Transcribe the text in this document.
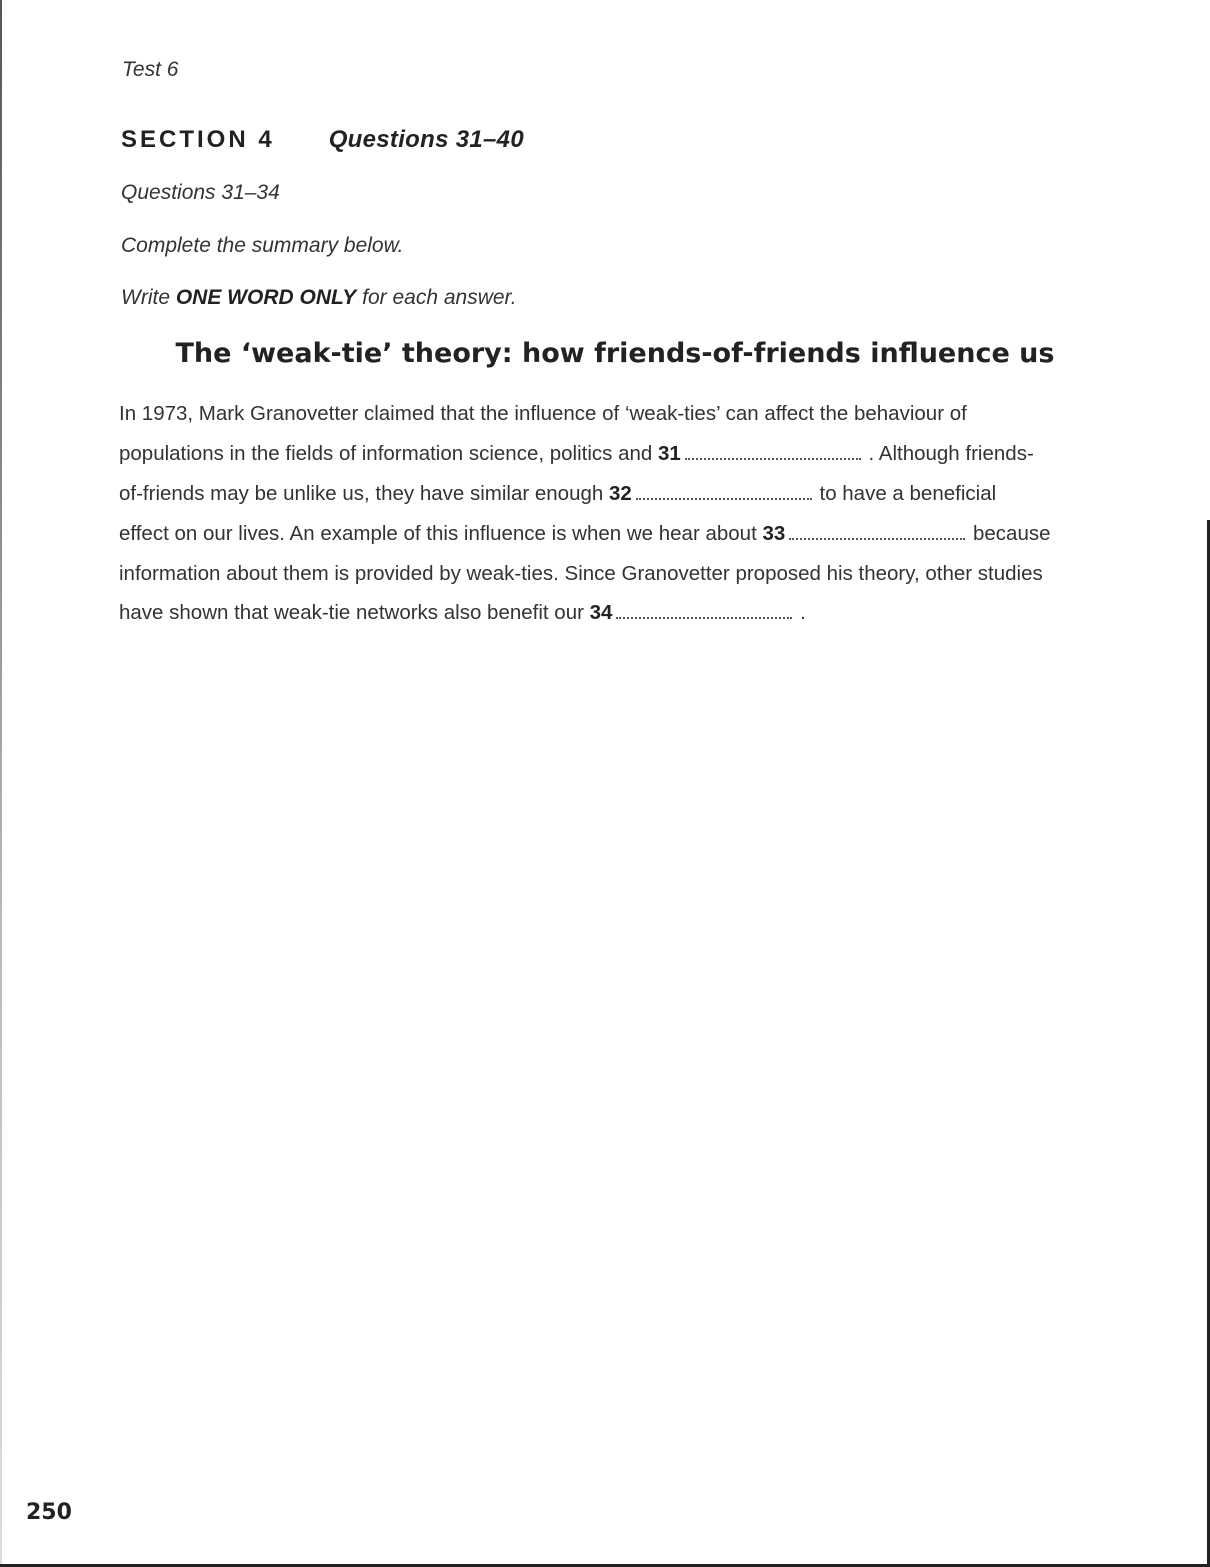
Test 6
SECTION 4 Questions 31–40
Questions 31–34
Complete the summary below.
Write ONE WORD ONLY for each answer.
The ‘weak-tie’ theory: how friends-of-friends influence us
In 1973, Mark Granovetter claimed that the influence of ‘weak-ties’ can affect the behaviour of
populations in the fields of information science, politics and 31	. Although friends-
of-friends may be unlike us, they have similar enough 32	to have a beneficial
effect on our lives. An example of this influence is when we hear about 33	because
information about them is provided by weak-ties. Since Granovetter proposed his theory, other studies
have shown that weak-tie networks also benefit our 34	.
250
